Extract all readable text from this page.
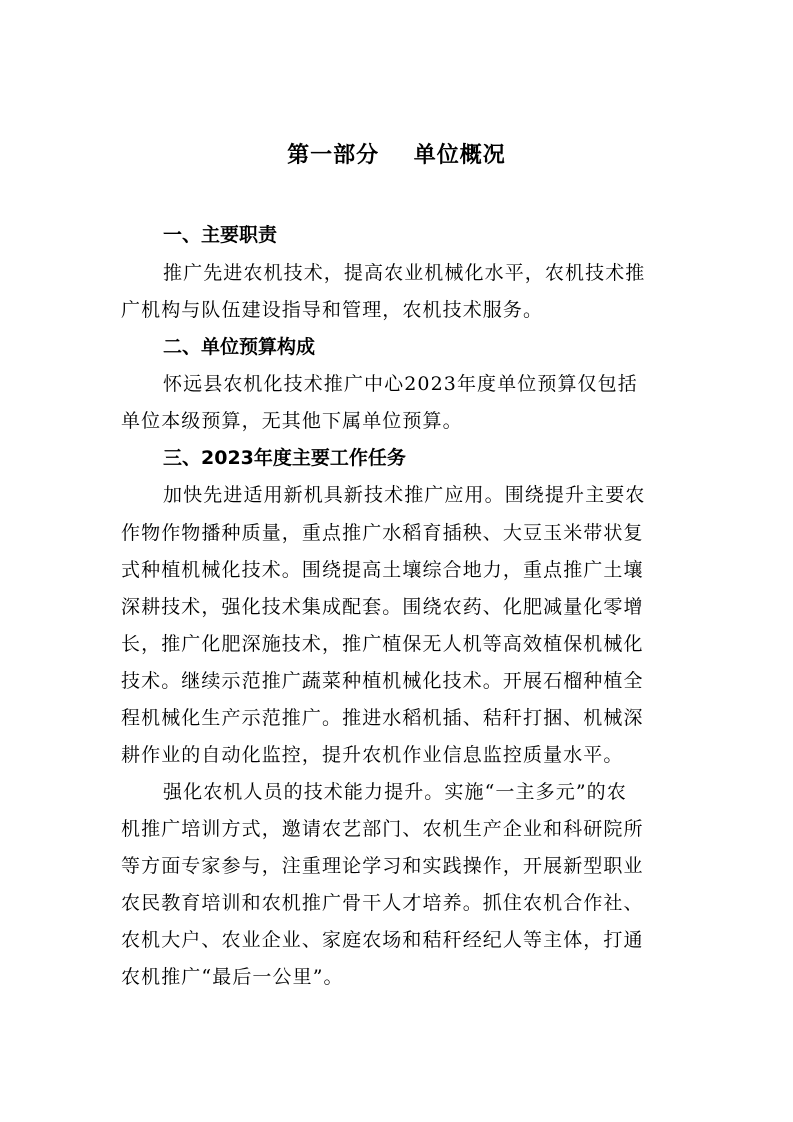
第一部分    单位概况
一、主要职责
推广先进农机技术，提高农业机械化水平，农机技术推
广机构与队伍建设指导和管理，农机技术服务。
二、单位预算构成
怀远县农机化技术推广中心2023年度单位预算仅包括
单位本级预算，无其他下属单位预算。
三、2023年度主要工作任务
加快先进适用新机具新技术推广应用。围绕提升主要农
作物作物播种质量，重点推广水稻育插秧、大豆玉米带状复
式种植机械化技术。围绕提高土壤综合地力，重点推广土壤
深耕技术，强化技术集成配套。围绕农药、化肥减量化零增
长，推广化肥深施技术，推广植保无人机等高效植保机械化
技术。继续示范推广蔬菜种植机械化技术。开展石榴种植全
程机械化生产示范推广。推进水稻机插、秸秆打捆、机械深
耕作业的自动化监控，提升农机作业信息监控质量水平。
强化农机人员的技术能力提升。实施“一主多元”的农
机推广培训方式，邀请农艺部门、农机生产企业和科研院所
等方面专家参与，注重理论学习和实践操作，开展新型职业
农民教育培训和农机推广骨干人才培养。抓住农机合作社、
农机大户、农业企业、家庭农场和秸秆经纪人等主体，打通
农机推广“最后一公里”。
